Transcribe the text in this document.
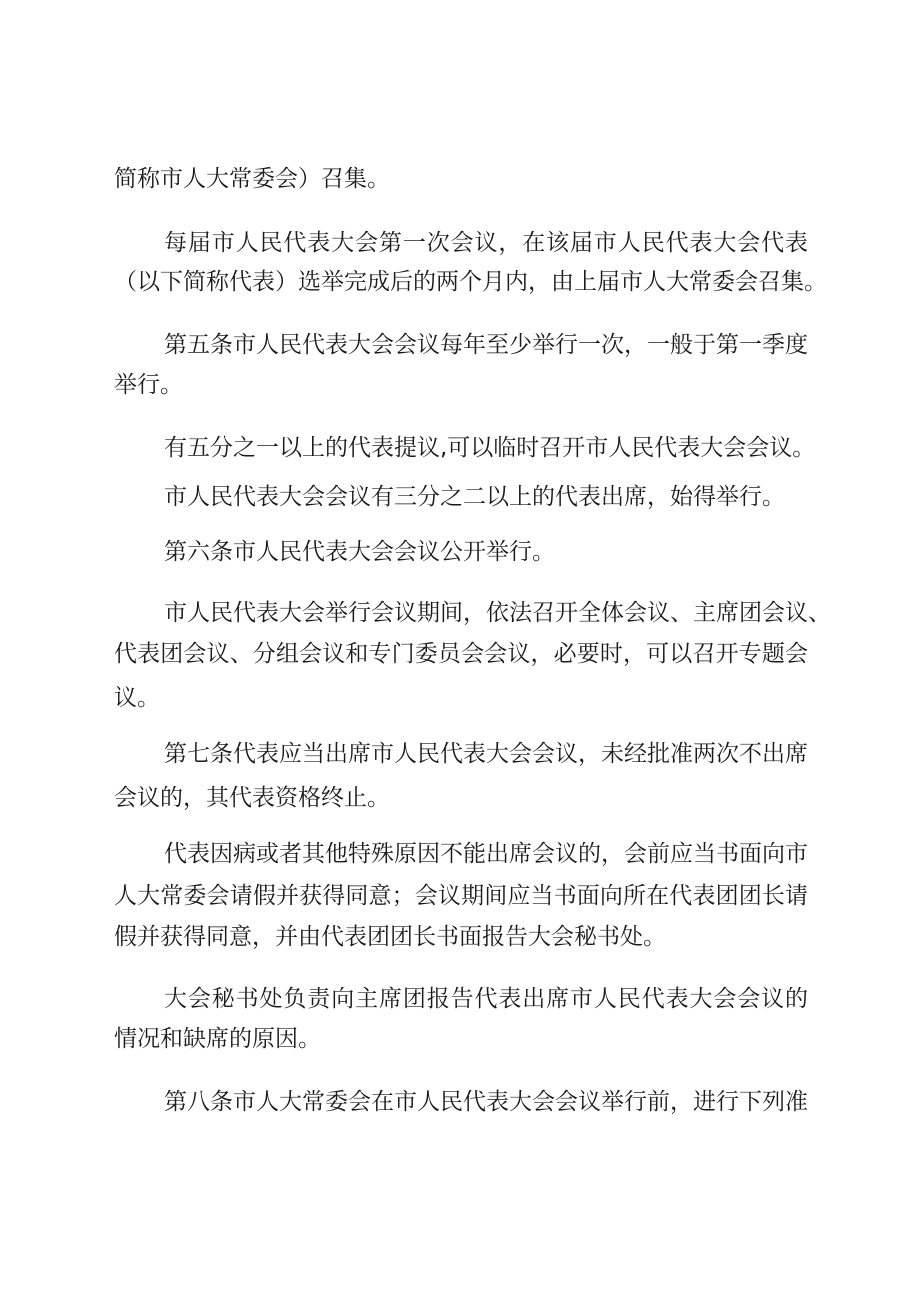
简称市人大常委会）召集。
每届市人民代表大会第一次会议，在该届市人民代表大会代表
（以下简称代表）选举完成后的两个月内，由上届市人大常委会召集。
第五条市人民代表大会会议每年至少举行一次，一般于第一季度
举行。
有五分之一以上的代表提议,可以临时召开市人民代表大会会议。
市人民代表大会会议有三分之二以上的代表出席，始得举行。
第六条市人民代表大会会议公开举行。
市人民代表大会举行会议期间，依法召开全体会议、主席团会议、
代表团会议、分组会议和专门委员会会议，必要时，可以召开专题会
议。
第七条代表应当出席市人民代表大会会议，未经批准两次不出席
会议的，其代表资格终止。
代表因病或者其他特殊原因不能出席会议的，会前应当书面向市
人大常委会请假并获得同意；会议期间应当书面向所在代表团团长请
假并获得同意，并由代表团团长书面报告大会秘书处。
大会秘书处负责向主席团报告代表出席市人民代表大会会议的
情况和缺席的原因。
第八条市人大常委会在市人民代表大会会议举行前，进行下列准
